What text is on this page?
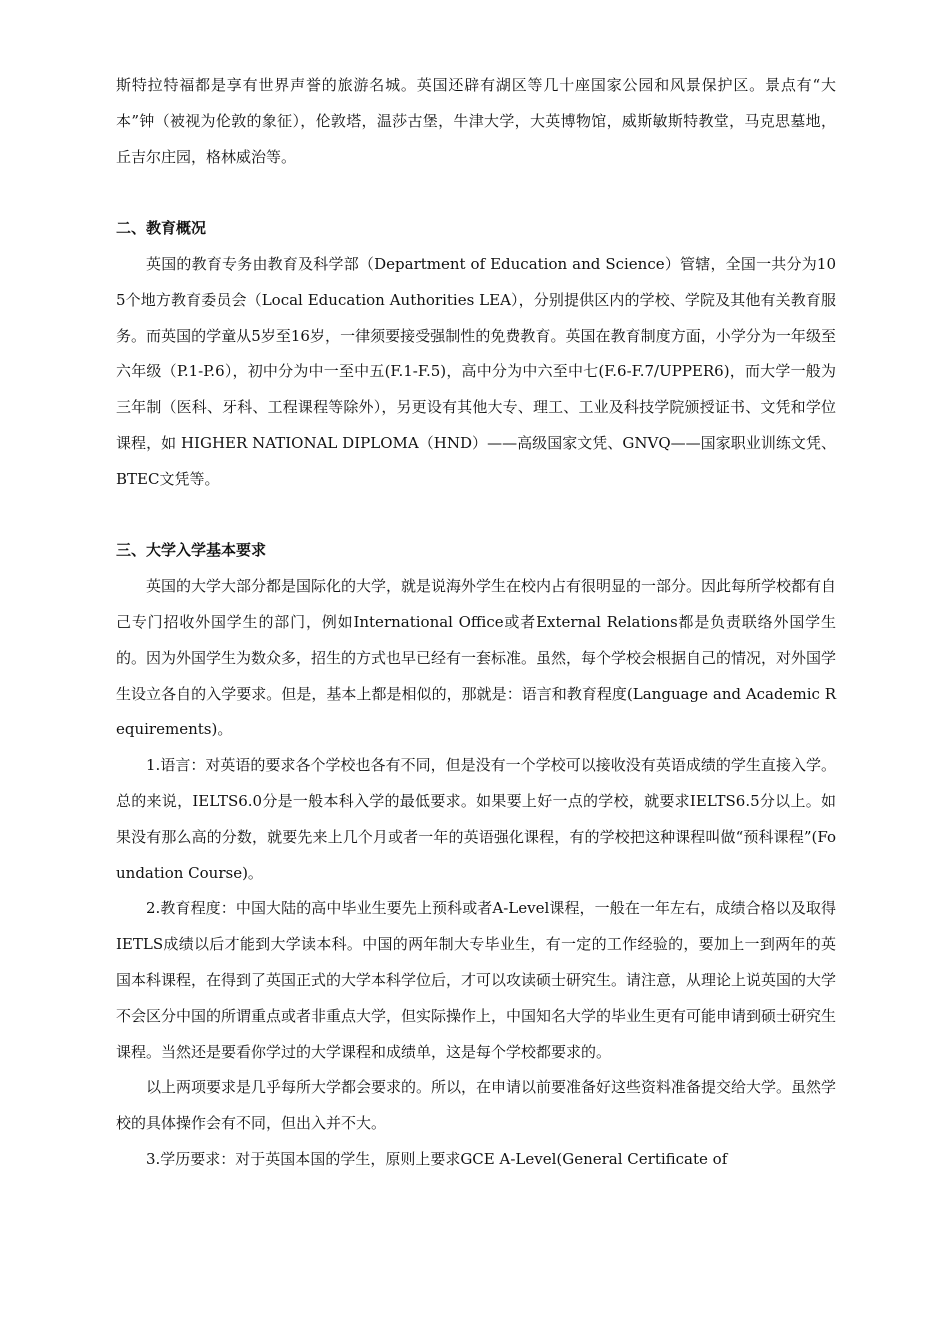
斯特拉特福都是享有世界声誉的旅游名城。英国还辟有湖区等几十座国家公园和风景保护区。景点有“大本”钟（被视为伦敦的象征），伦敦塔，温莎古堡，牛津大学，大英博物馆，威斯敏斯特教堂，马克思墓地，丘吉尔庄园，格林威治等。

二、教育概况

英国的教育专务由教育及科学部（Department of Education and Science）管辖，全国一共分为105个地方教育委员会（Local Education Authorities LEA），分别提供区内的学校、学院及其他有关教育服务。而英国的学童从5岁至16岁，一律须要接受强制性的免费教育。英国在教育制度方面，小学分为一年级至六年级（P.1-P.6），初中分为中一至中五(F.1-F.5)，高中分为中六至中七(F.6-F.7/UPPER6)，而大学一般为三年制（医科、牙科、工程课程等除外），另更设有其他大专、理工、工业及科技学院颁授证书、文凭和学位课程，如 HIGHER NATIONAL DIPLOMA（HND）——高级国家文凭、GNVQ——国家职业训练文凭、BTEC文凭等。

三、大学入学基本要求

英国的大学大部分都是国际化的大学，就是说海外学生在校内占有很明显的一部分。因此每所学校都有自己专门招收外国学生的部门，例如International Office或者External Relations都是负责联络外国学生的。因为外国学生为数众多，招生的方式也早已经有一套标准。虽然，每个学校会根据自己的情况，对外国学生设立各自的入学要求。但是，基本上都是相似的，那就是：语言和教育程度(Language and Academic Requirements)。

1.语言：对英语的要求各个学校也各有不同，但是没有一个学校可以接收没有英语成绩的学生直接入学。总的来说，IELTS6.0分是一般本科入学的最低要求。如果要上好一点的学校，就要求IELTS6.5分以上。如果没有那么高的分数，就要先来上几个月或者一年的英语强化课程，有的学校把这种课程叫做“预科课程”(Foundation Course)。

2.教育程度：中国大陆的高中毕业生要先上预科或者A-Level课程，一般在一年左右，成绩合格以及取得IETLS成绩以后才能到大学读本科。中国的两年制大专毕业生，有一定的工作经验的，要加上一到两年的英国本科课程，在得到了英国正式的大学本科学位后，才可以攻读硕士研究生。请注意，从理论上说英国的大学不会区分中国的所谓重点或者非重点大学，但实际操作上，中国知名大学的毕业生更有可能申请到硕士研究生课程。当然还是要看你学过的大学课程和成绩单，这是每个学校都要求的。

以上两项要求是几乎每所大学都会要求的。所以，在申请以前要准备好这些资料准备提交给大学。虽然学校的具体操作会有不同，但出入并不大。

3.学历要求：对于英国本国的学生，原则上要求GCE A-Level(General Certificate of
